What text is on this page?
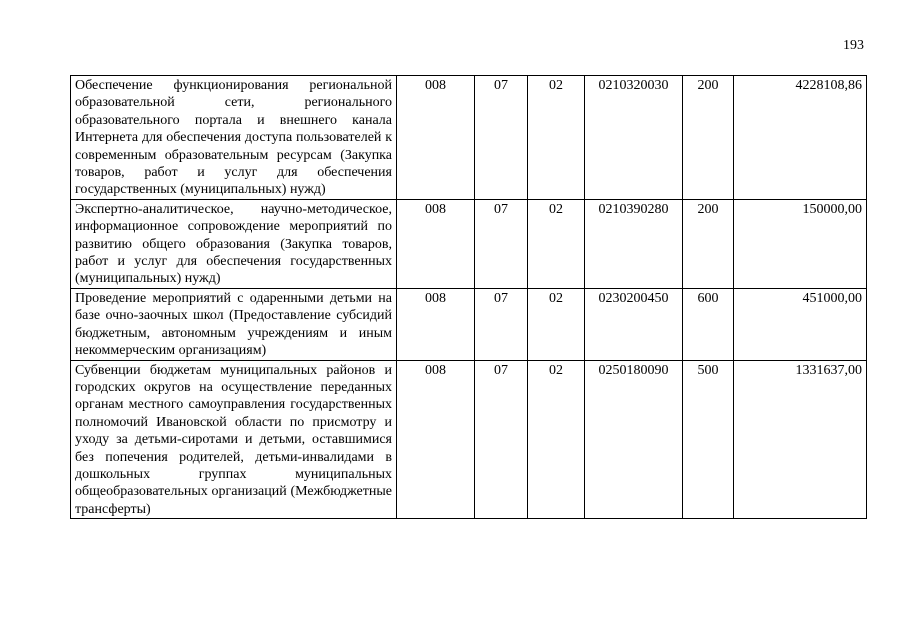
193
Обеспечение функционирования региональной образовательной сети, регионального образовательного портала и внешнего канала Интернета для обеспечения доступа пользователей к современным образовательным ресурсам (Закупка товаров, работ и услуг для обеспечения государственных (муниципальных) нужд)	008	07	02	0210320030	200	4228108,86
Экспертно-аналитическое, научно-методическое, информационное сопровождение мероприятий по развитию общего образования (Закупка товаров, работ и услуг для обеспечения государственных (муниципальных) нужд)	008	07	02	0210390280	200	150000,00
Проведение мероприятий с одаренными детьми на базе очно-заочных школ (Предоставление субсидий бюджетным, автономным учреждениям и иным некоммерческим организациям)	008	07	02	0230200450	600	451000,00
Субвенции бюджетам муниципальных районов и городских округов на осуществление переданных органам местного самоуправления государственных полномочий Ивановской области по присмотру и уходу за детьми-сиротами и детьми, оставшимися без попечения родителей, детьми-инвалидами в дошкольных группах муниципальных общеобразовательных организаций (Межбюджетные трансферты)	008	07	02	0250180090	500	1331637,00
